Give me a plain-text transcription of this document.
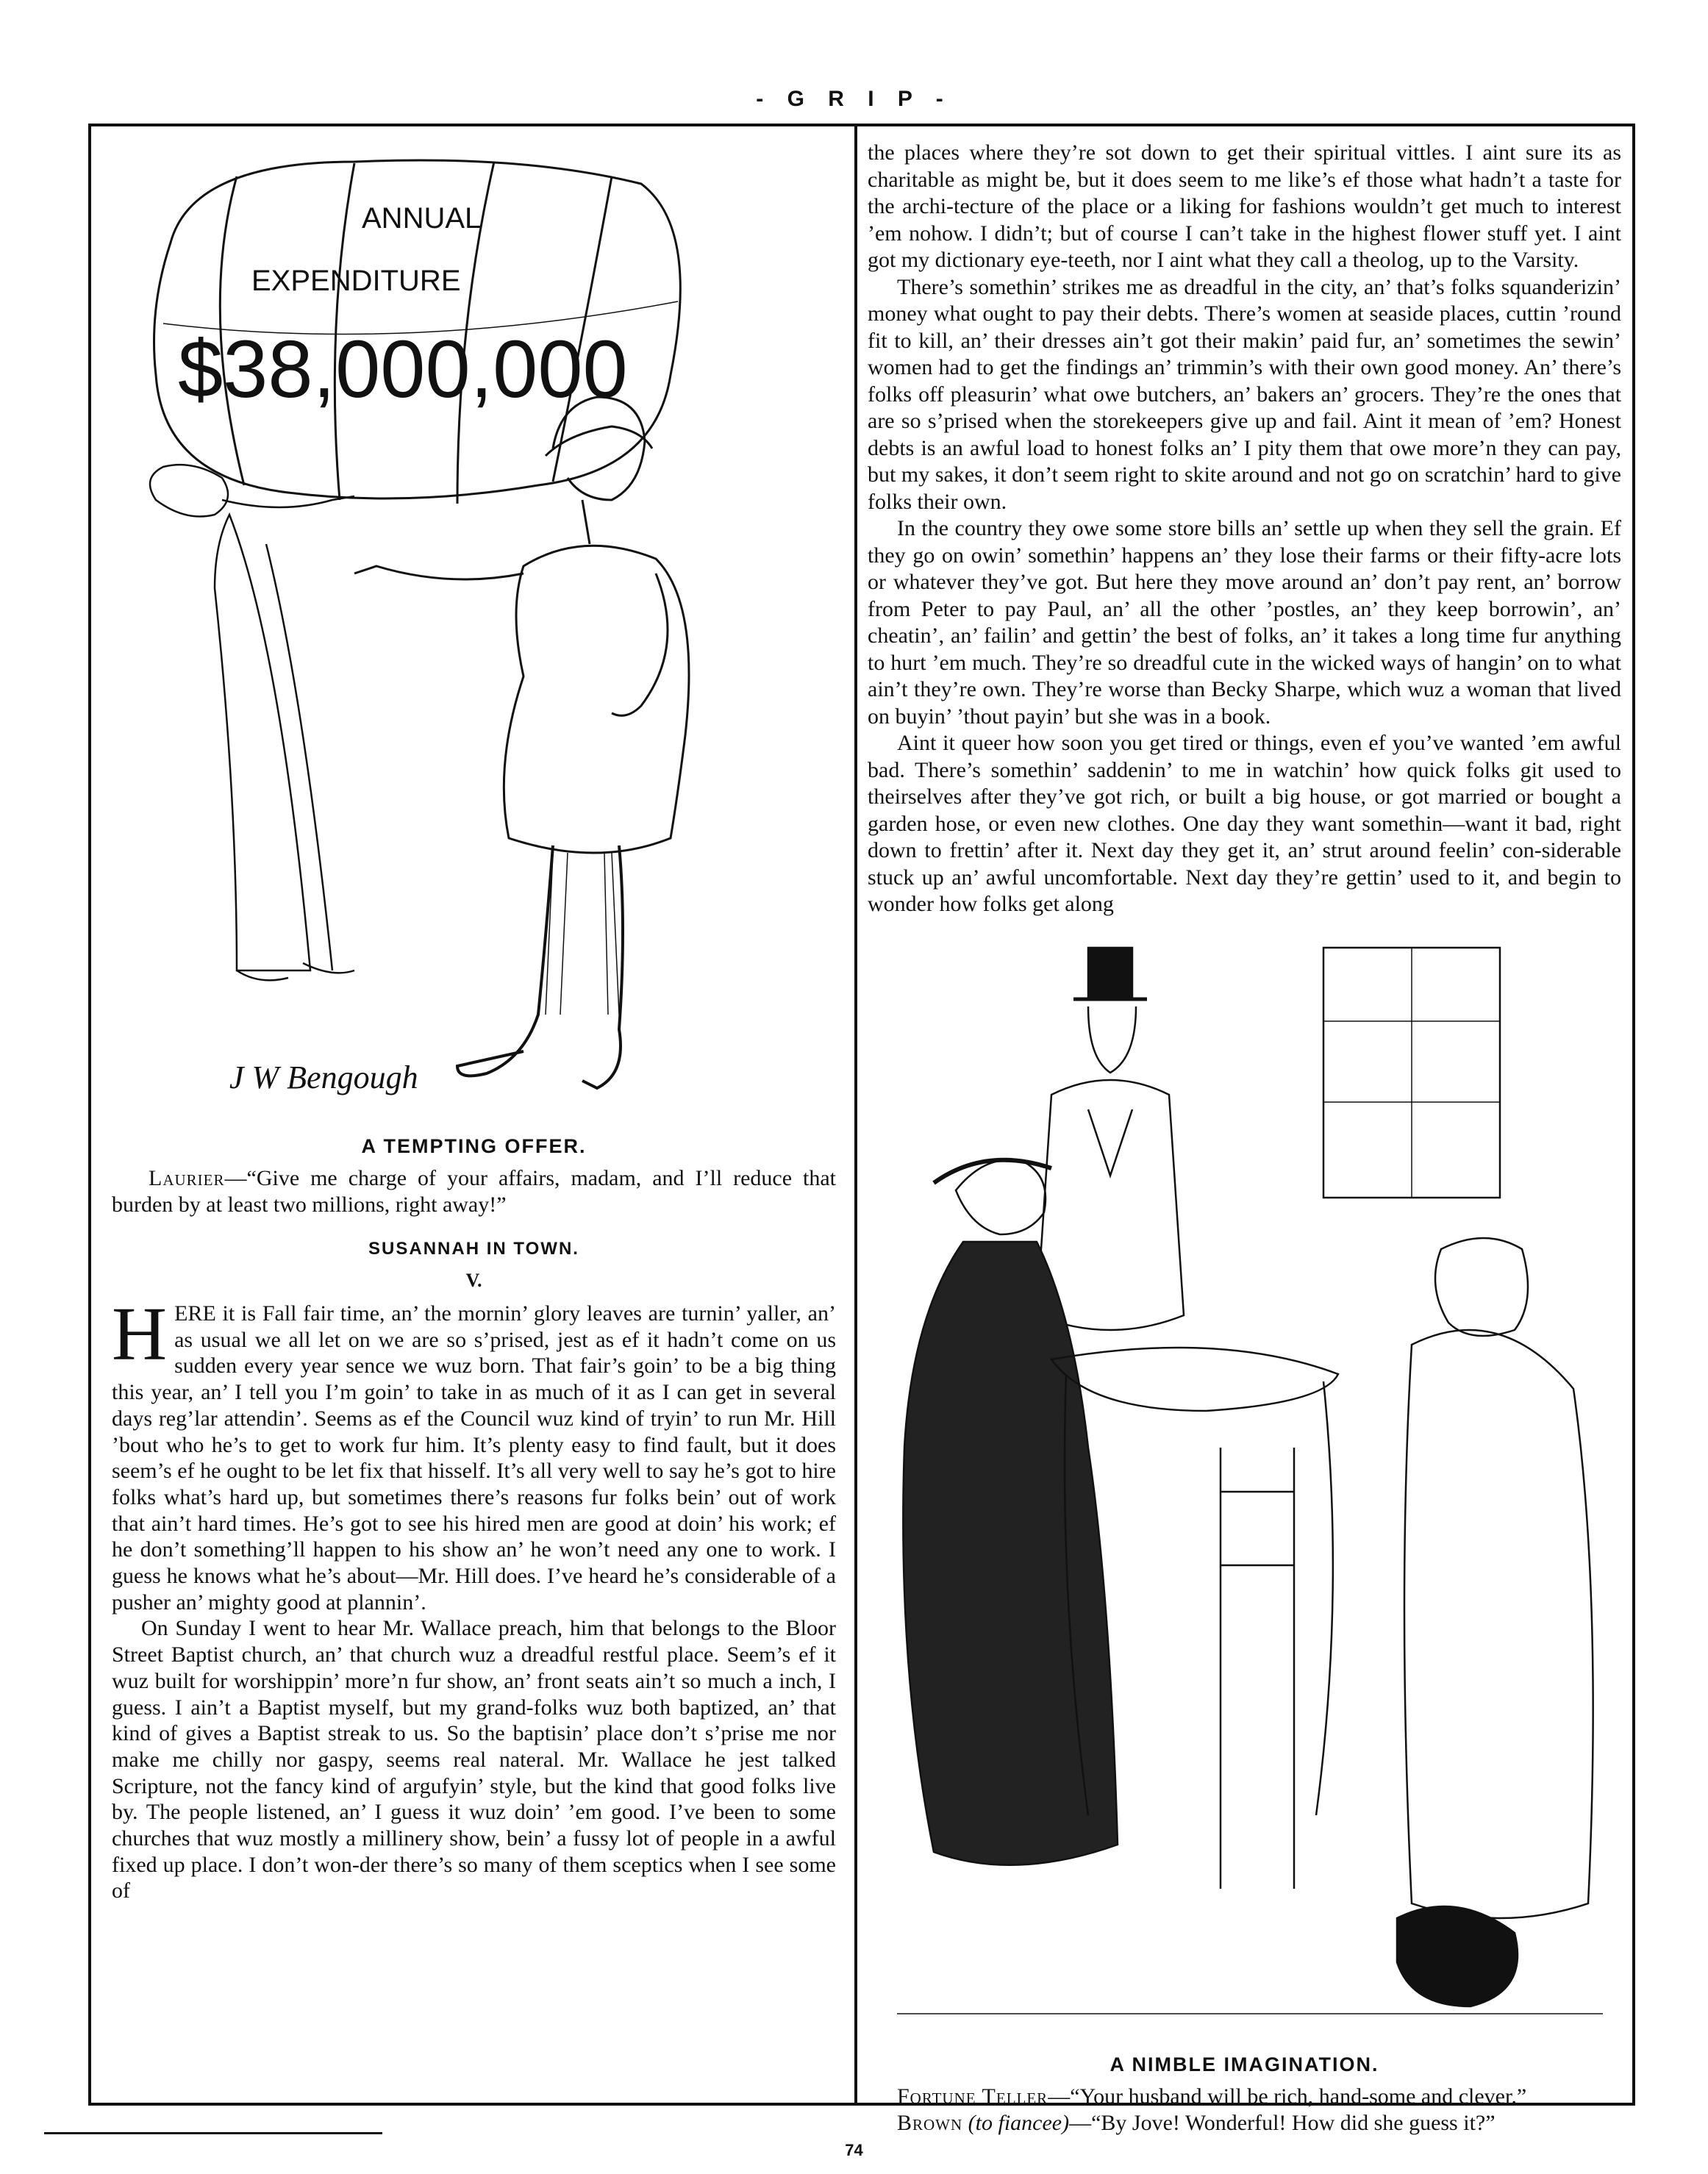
- G R I P -
ANNUAL
EXPENDITURE
$38,000,000
J W Bengough
A TEMPTING OFFER.

Laurier—“Give me charge of your affairs, madam, and I’ll reduce that burden by at least two millions, right away!”

SUSANNAH IN TOWN.
V.

HERE it is Fall fair time, an’ the mornin’ glory leaves are turnin’ yaller, an’ as usual we all let on we are so s’prised, jest as ef it hadn’t come on us sudden every year sence we wuz born. That fair’s goin’ to be a big thing this year, an’ I tell you I’m goin’ to take in as much of it as I can get in several days reg’lar attendin’. Seems as ef the Council wuz kind of tryin’ to run Mr. Hill ’bout who he’s to get to work fur him. It’s plenty easy to find fault, but it does seem’s ef he ought to be let fix that hisself. It’s all very well to say he’s got to hire folks what’s hard up, but sometimes there’s reasons fur folks bein’ out of work that ain’t hard times. He’s got to see his hired men are good at doin’ his work; ef he don’t something’ll happen to his show an’ he won’t need any one to work. I guess he knows what he’s about—Mr. Hill does. I’ve heard he’s considerable of a pusher an’ mighty good at plannin’.

On Sunday I went to hear Mr. Wallace preach, him that belongs to the Bloor Street Baptist church, an’ that church wuz a dreadful restful place. Seem’s ef it wuz built for worshippin’ more’n fur show, an’ front seats ain’t so much a inch, I guess. I ain’t a Baptist myself, but my grand-folks wuz both baptized, an’ that kind of gives a Baptist streak to us. So the baptisin’ place don’t s’prise me nor make me chilly nor gaspy, seems real nateral. Mr. Wallace he jest talked Scripture, not the fancy kind of argufyin’ style, but the kind that good folks live by. The people listened, an’ I guess it wuz doin’ ’em good. I’ve been to some churches that wuz mostly a millinery show, bein’ a fussy lot of people in a awful fixed up place. I don’t won-der there’s so many of them sceptics when I see some of

the places where they’re sot down to get their spiritual vittles. I aint sure its as charitable as might be, but it does seem to me like’s ef those what hadn’t a taste for the archi-tecture of the place or a liking for fashions wouldn’t get much to interest ’em nohow. I didn’t; but of course I can’t take in the highest flower stuff yet. I aint got my dictionary eye-teeth, nor I aint what they call a theolog, up to the Varsity.

There’s somethin’ strikes me as dreadful in the city, an’ that’s folks squanderizin’ money what ought to pay their debts. There’s women at seaside places, cuttin ’round fit to kill, an’ their dresses ain’t got their makin’ paid fur, an’ sometimes the sewin’ women had to get the findings an’ trimmin’s with their own good money. An’ there’s folks off pleasurin’ what owe butchers, an’ bakers an’ grocers. They’re the ones that are so s’prised when the storekeepers give up and fail. Aint it mean of ’em? Honest debts is an awful load to honest folks an’ I pity them that owe more’n they can pay, but my sakes, it don’t seem right to skite around and not go on scratchin’ hard to give folks their own.

In the country they owe some store bills an’ settle up when they sell the grain. Ef they go on owin’ somethin’ happens an’ they lose their farms or their fifty-acre lots or whatever they’ve got. But here they move around an’ don’t pay rent, an’ borrow from Peter to pay Paul, an’ all the other ’postles, an’ they keep borrowin’, an’ cheatin’, an’ failin’ and gettin’ the best of folks, an’ it takes a long time fur anything to hurt ’em much. They’re so dreadful cute in the wicked ways of hangin’ on to what ain’t they’re own. They’re worse than Becky Sharpe, which wuz a woman that lived on buyin’ ’thout payin’ but she was in a book.

Aint it queer how soon you get tired or things, even ef you’ve wanted ’em awful bad. There’s somethin’ saddenin’ to me in watchin’ how quick folks git used to theirselves after they’ve got rich, or built a big house, or got married or bought a garden hose, or even new clothes. One day they want somethin—want it bad, right down to frettin’ after it. Next day they get it, an’ strut around feelin’ con-siderable stuck up an’ awful uncomfortable. Next day they’re gettin’ used to it, and begin to wonder how folks get along

A NIMBLE IMAGINATION.

Fortune Teller—“Your husband will be rich, hand-some and clever.”

Brown (to fiancee)—“By Jove! Wonderful! How did she guess it?”

74
